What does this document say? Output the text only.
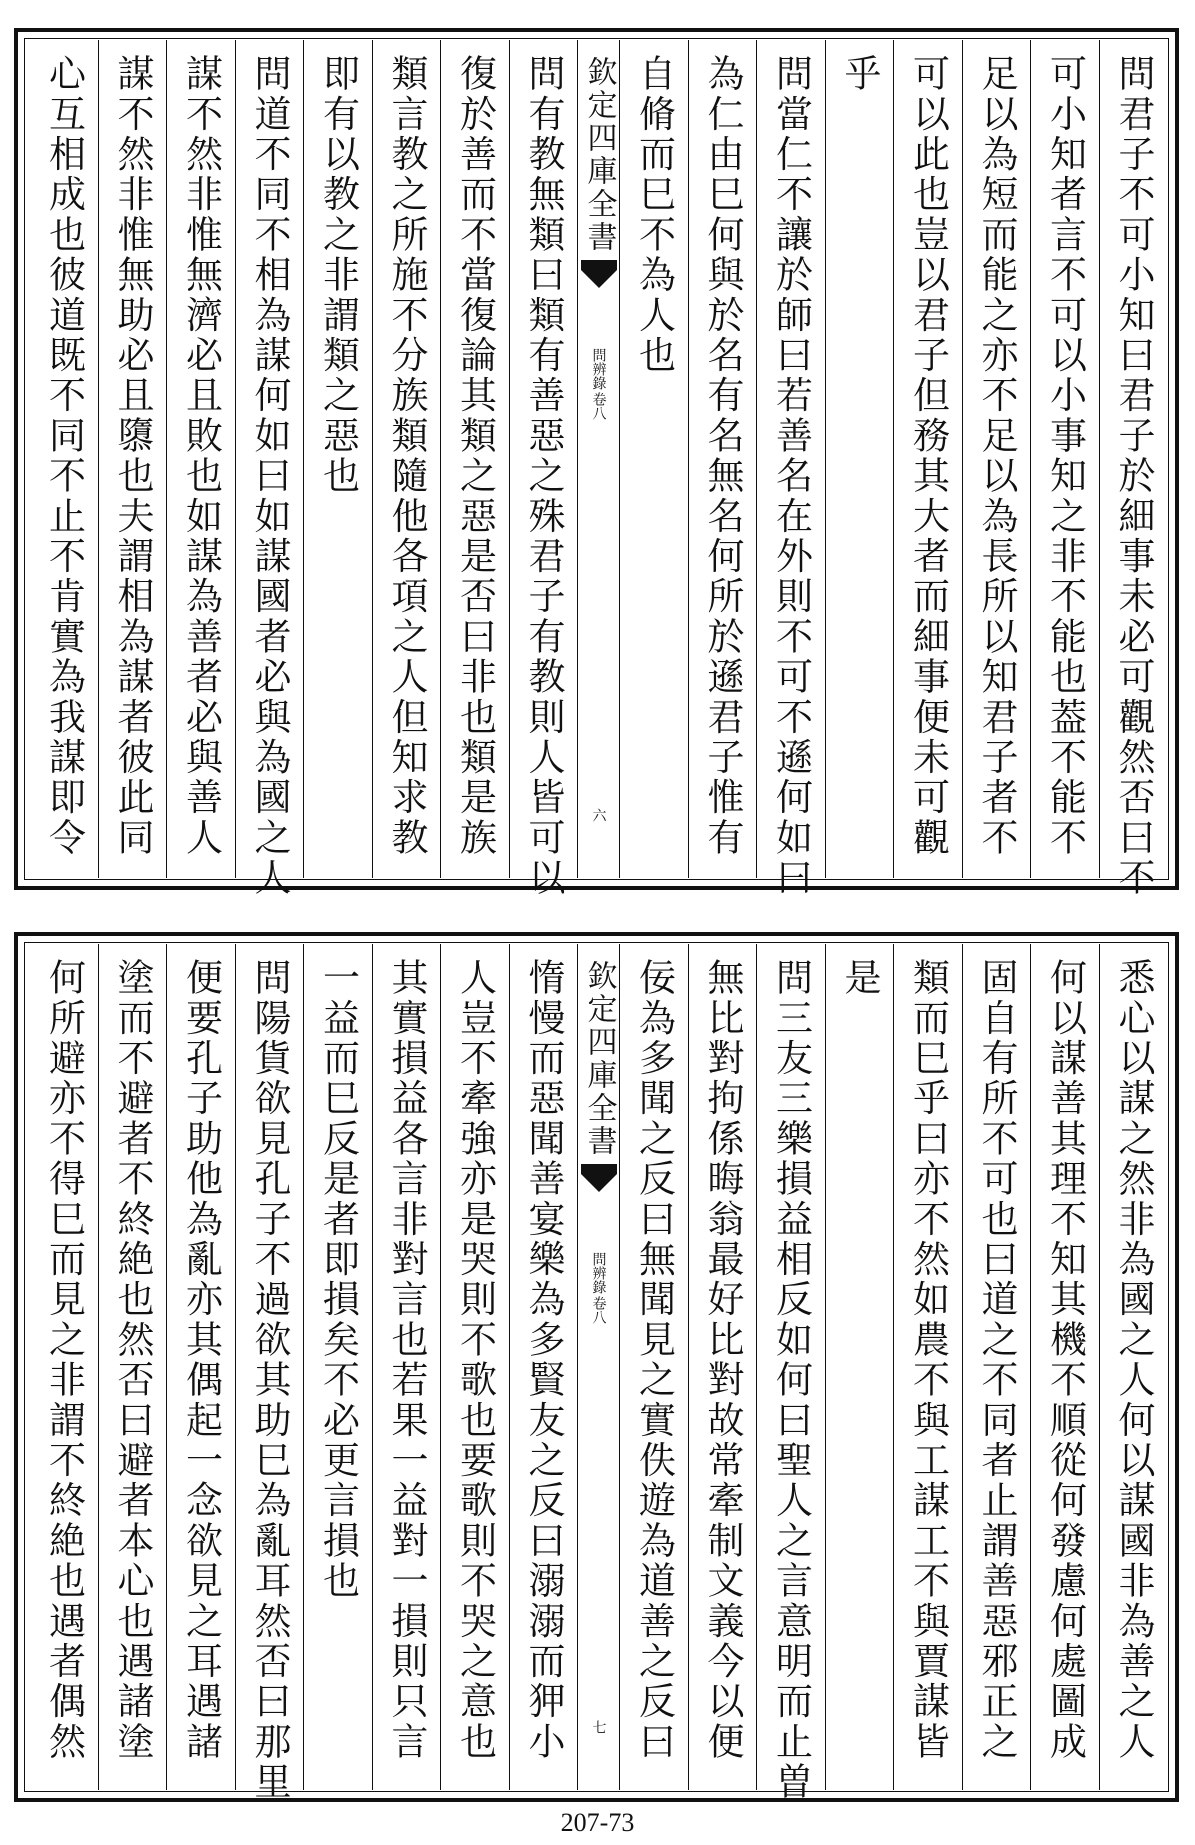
問君子不可小知曰君子於細事未必可觀然否曰不
可小知者言不可以小事知之非不能也葢不能不
足以為短而能之亦不足以為長所以知君子者不
可以此也豈以君子但務其大者而細事便未可觀
乎
問當仁不讓於師曰若善名在外則不可不遜何如曰
為仁由巳何與於名有名無名何所於遜君子惟有
自脩而巳不為人也
欽定四庫全書
問辨錄
卷八
六
問有教無類曰類有善惡之殊君子有教則人皆可以
復於善而不當復論其類之惡是否曰非也類是族
類言教之所施不分族類隨他各項之人但知求教
即有以教之非謂類之惡也
問道不同不相為謀何如曰如謀國者必與為國之人
謀不然非惟無濟必且敗也如謀為善者必與善人
謀不然非惟無助必且隳也夫謂相為謀者彼此同
心互相成也彼道既不同不止不肯實為我謀即令
悉心以謀之然非為國之人何以謀國非為善之人
何以謀善其理不知其機不順從何發慮何處圖成
固自有所不可也曰道之不同者止謂善惡邪正之
類而巳乎曰亦不然如農不與工謀工不與賈謀皆
是
問三友三樂損益相反如何曰聖人之言意明而止曽
無比對拘係晦翁最好比對故常牽制文義今以便
佞為多聞之反曰無聞見之實佚遊為道善之反曰
欽定四庫全書
問辨錄
卷八
七
惰慢而惡聞善宴樂為多賢友之反曰溺溺而狎小
人豈不牽強亦是哭則不歌也要歌則不哭之意也
其實損益各言非對言也若果一益對一損則只言
一益而巳反是者即損矣不必更言損也
問陽貨欲見孔子不過欲其助巳為亂耳然否曰那里
便要孔子助他為亂亦其偶起一念欲見之耳遇諸
塗而不避者不終絶也然否曰避者本心也遇諸塗
何所避亦不得巳而見之非謂不終絶也遇者偶然
207-73
